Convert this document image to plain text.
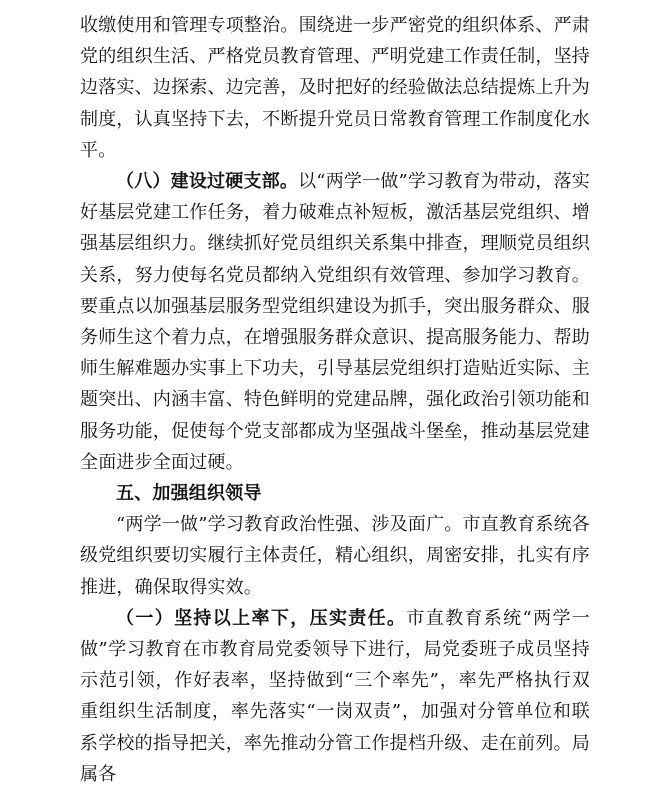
收缴使用和管理专项整治。围绕进一步严密党的组织体系、严肃党的组织生活、严格党员教育管理、严明党建工作责任制，坚持边落实、边探索、边完善，及时把好的经验做法总结提炼上升为制度，认真坚持下去，不断提升党员日常教育管理工作制度化水平。

（八）建设过硬支部。以“两学一做”学习教育为带动，落实好基层党建工作任务，着力破难点补短板，激活基层党组织、增强基层组织力。继续抓好党员组织关系集中排查，理顺党员组织关系，努力使每名党员都纳入党组织有效管理、参加学习教育。要重点以加强基层服务型党组织建设为抓手，突出服务群众、服务师生这个着力点，在增强服务群众意识、提高服务能力、帮助师生解难题办实事上下功夫，引导基层党组织打造贴近实际、主题突出、内涵丰富、特色鲜明的党建品牌，强化政治引领功能和服务功能，促使每个党支部都成为坚强战斗堡垒，推动基层党建全面进步全面过硬。

五、加强组织领导

“两学一做”学习教育政治性强、涉及面广。市直教育系统各级党组织要切实履行主体责任，精心组织，周密安排，扎实有序推进，确保取得实效。

（一）坚持以上率下，压实责任。市直教育系统“两学一做”学习教育在市教育局党委领导下进行，局党委班子成员坚持示范引领，作好表率，坚持做到“三个率先”，率先严格执行双重组织生活制度，率先落实“一岗双责”，加强对分管单位和联系学校的指导把关，率先推动分管工作提档升级、走在前列。局属各
